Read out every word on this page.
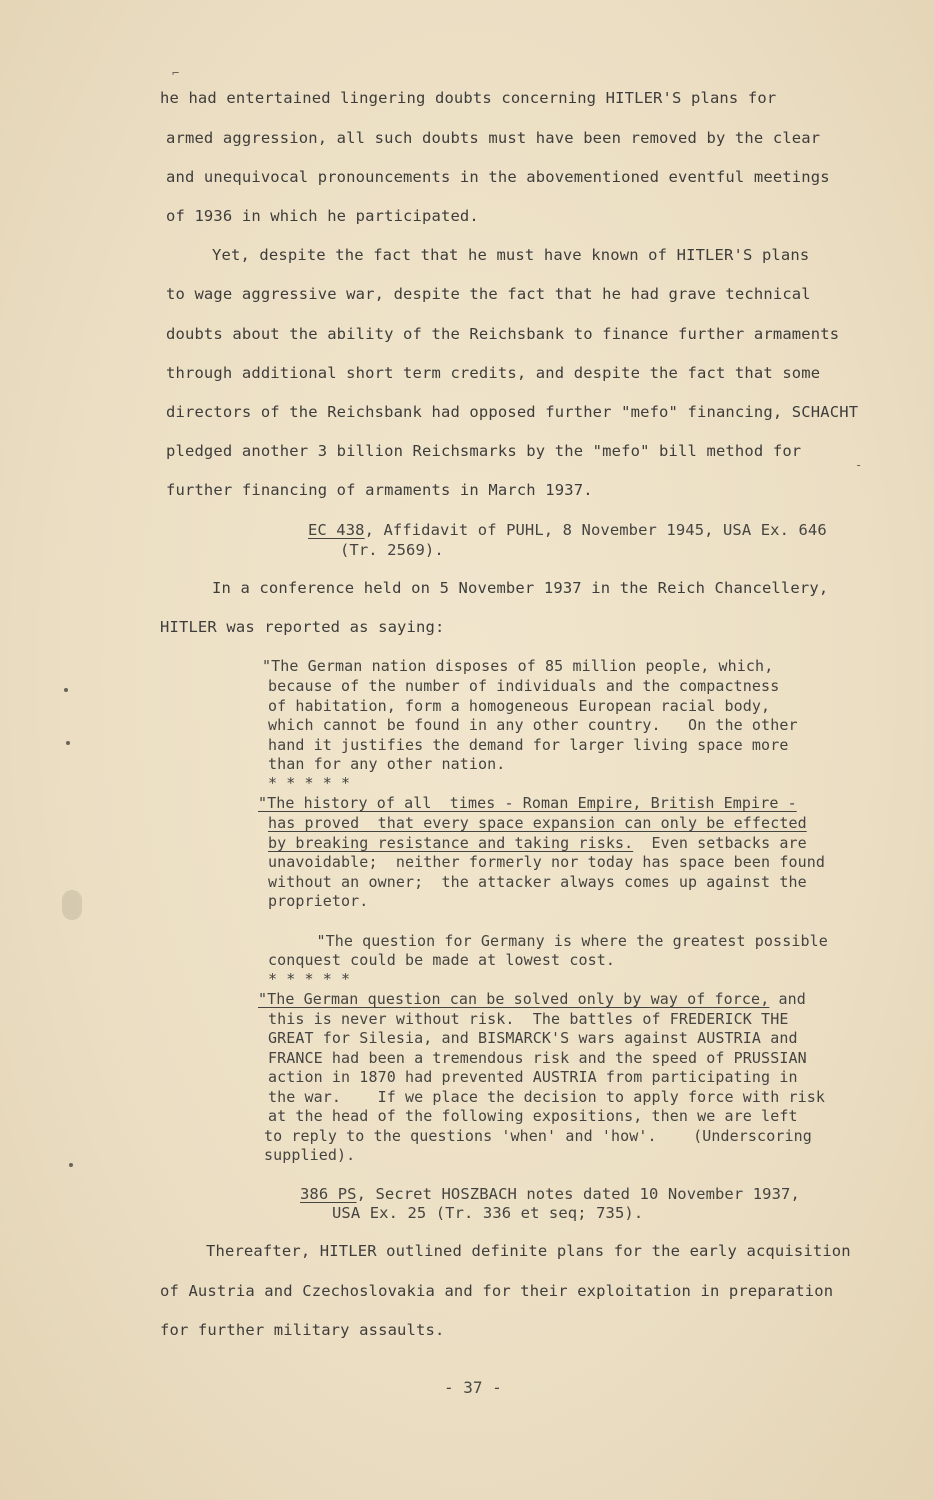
⌐
he had entertained lingering doubts concerning HITLER'S plans for
armed aggression, all such doubts must have been removed by the clear
and unequivocal pronouncements in the abovementioned eventful meetings
of 1936 in which he participated.
Yet, despite the fact that he must have known of HITLER'S plans
to wage aggressive war, despite the fact that he had grave technical
doubts about the ability of the Reichsbank to finance further armaments
through additional short term credits, and despite the fact that some
directors of the Reichsbank had opposed further "mefo" financing, SCHACHT
pledged another 3 billion Reichsmarks by the "mefo" bill method for
further financing of armaments in March 1937.
-
EC 438, Affidavit of PUHL, 8 November 1945, USA Ex. 646
(Tr. 2569).
In a conference held on 5 November 1937 in the Reich Chancellery,
HITLER was reported as saying:
"The German nation disposes of 85 million people, which,
because of the number of individuals and the compactness
of habitation, form a homogeneous European racial body,
which cannot be found in any other country.   On the other
hand it justifies the demand for larger living space more
than for any other nation.
* * * * *
"The history of all  times - Roman Empire, British Empire -
has proved  that every space expansion can only be effected
by breaking resistance and taking risks.  Even setbacks are
unavoidable;  neither formerly nor today has space been found
without an owner;  the attacker always comes up against the
proprietor.
"The question for Germany is where the greatest possible
conquest could be made at lowest cost.
* * * * *
"The German question can be solved only by way of force, and
this is never without risk.  The battles of FREDERICK THE
GREAT for Silesia, and BISMARCK'S wars against AUSTRIA and
FRANCE had been a tremendous risk and the speed of PRUSSIAN
action in 1870 had prevented AUSTRIA from participating in
the war.    If we place the decision to apply force with risk
at the head of the following expositions, then we are left
to reply to the questions 'when' and 'how'.    (Underscoring
supplied).
386 PS, Secret HOSZBACH notes dated 10 November 1937,
USA Ex. 25 (Tr. 336 et seq; 735).
Thereafter, HITLER outlined definite plans for the early acquisition
of Austria and Czechoslovakia and for their exploitation in preparation
for further military assaults.
- 37 -
